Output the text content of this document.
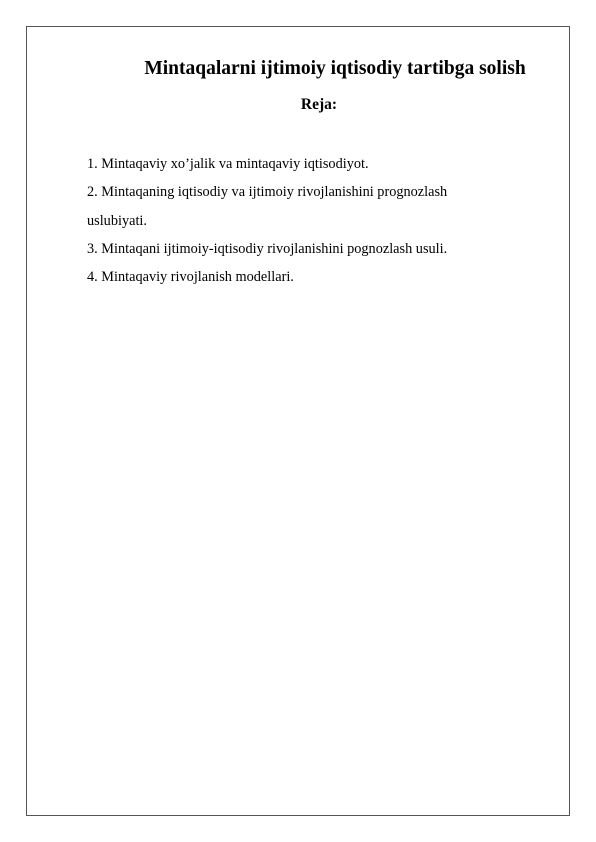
Mintaqalarni ijtimoiy iqtisodiy tartibga solish
Reja:
1. Mintaqaviy xo’jalik va mintaqaviy iqtisodiyot.
2. Mintaqaning iqtisodiy va ijtimoiy rivojlanishini prognozlash
uslubiyati.
3. Mintaqani ijtimoiy-iqtisodiy rivojlanishini pognozlash usuli.
4. Mintaqaviy rivojlanish modellari.
